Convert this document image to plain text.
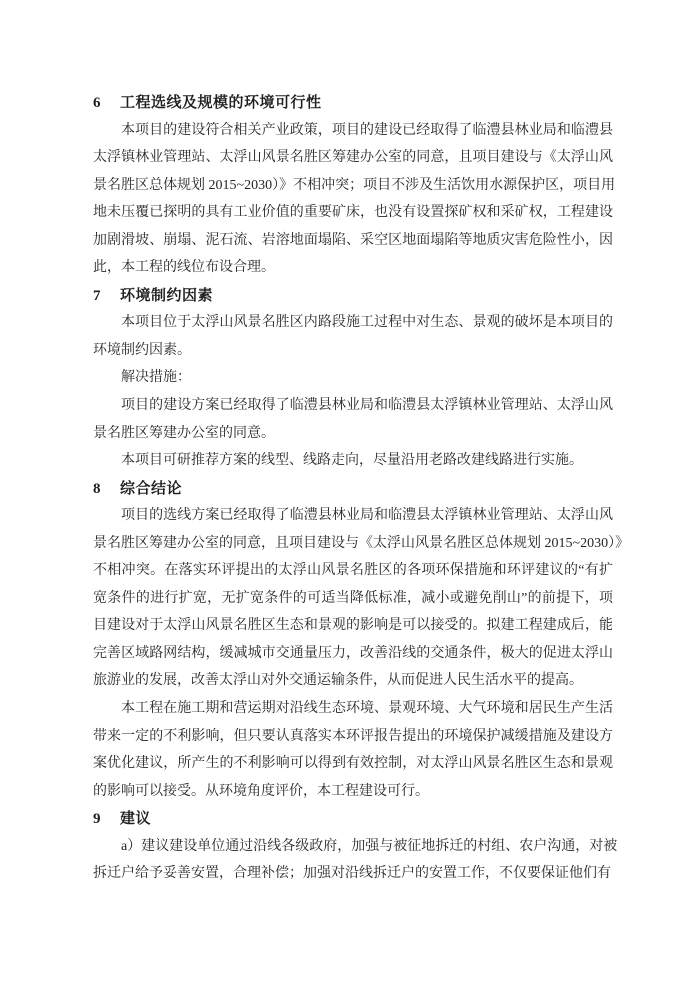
6	工程选线及规模的环境可行性

本项目的建设符合相关产业政策，项目的建设已经取得了临澧县林业局和临澧县
太浮镇林业管理站、太浮山风景名胜区筹建办公室的同意，且项目建设与《太浮山风
景名胜区总体规划 2015~2030）》不相冲突；项目不涉及生活饮用水源保护区，项目用
地未压覆已探明的具有工业价值的重要矿床，也没有设置探矿权和采矿权，工程建设
加剧滑坡、崩塌、泥石流、岩溶地面塌陷、采空区地面塌陷等地质灾害危险性小，因
此，本工程的线位布设合理。

7	环境制约因素

本项目位于太浮山风景名胜区内路段施工过程中对生态、景观的破坏是本项目的
环境制约因素。

解决措施：

项目的建设方案已经取得了临澧县林业局和临澧县太浮镇林业管理站、太浮山风
景名胜区筹建办公室的同意。

本项目可研推荐方案的线型、线路走向，尽量沿用老路改建线路进行实施。

8	综合结论

项目的选线方案已经取得了临澧县林业局和临澧县太浮镇林业管理站、太浮山风
景名胜区筹建办公室的同意，且项目建设与《太浮山风景名胜区总体规划 2015~2030）》
不相冲突。在落实环评提出的太浮山风景名胜区的各项环保措施和环评建议的“有扩
宽条件的进行扩宽，无扩宽条件的可适当降低标准，减小或避免削山”的前提下，项
目建设对于太浮山风景名胜区生态和景观的影响是可以接受的。拟建工程建成后，能
完善区域路网结构，缓减城市交通量压力，改善沿线的交通条件，极大的促进太浮山
旅游业的发展，改善太浮山对外交通运输条件，从而促进人民生活水平的提高。

本工程在施工期和营运期对沿线生态环境、景观环境、大气环境和居民生产生活
带来一定的不利影响，但只要认真落实本环评报告提出的环境保护减缓措施及建设方
案优化建议，所产生的不利影响可以得到有效控制，对太浮山风景名胜区生态和景观
的影响可以接受。从环境角度评价，本工程建设可行。

9	建议

a）建议建设单位通过沿线各级政府，加强与被征地拆迁的村组、农户沟通，对被
拆迁户给予妥善安置，合理补偿；加强对沿线拆迁户的安置工作，不仅要保证他们有
